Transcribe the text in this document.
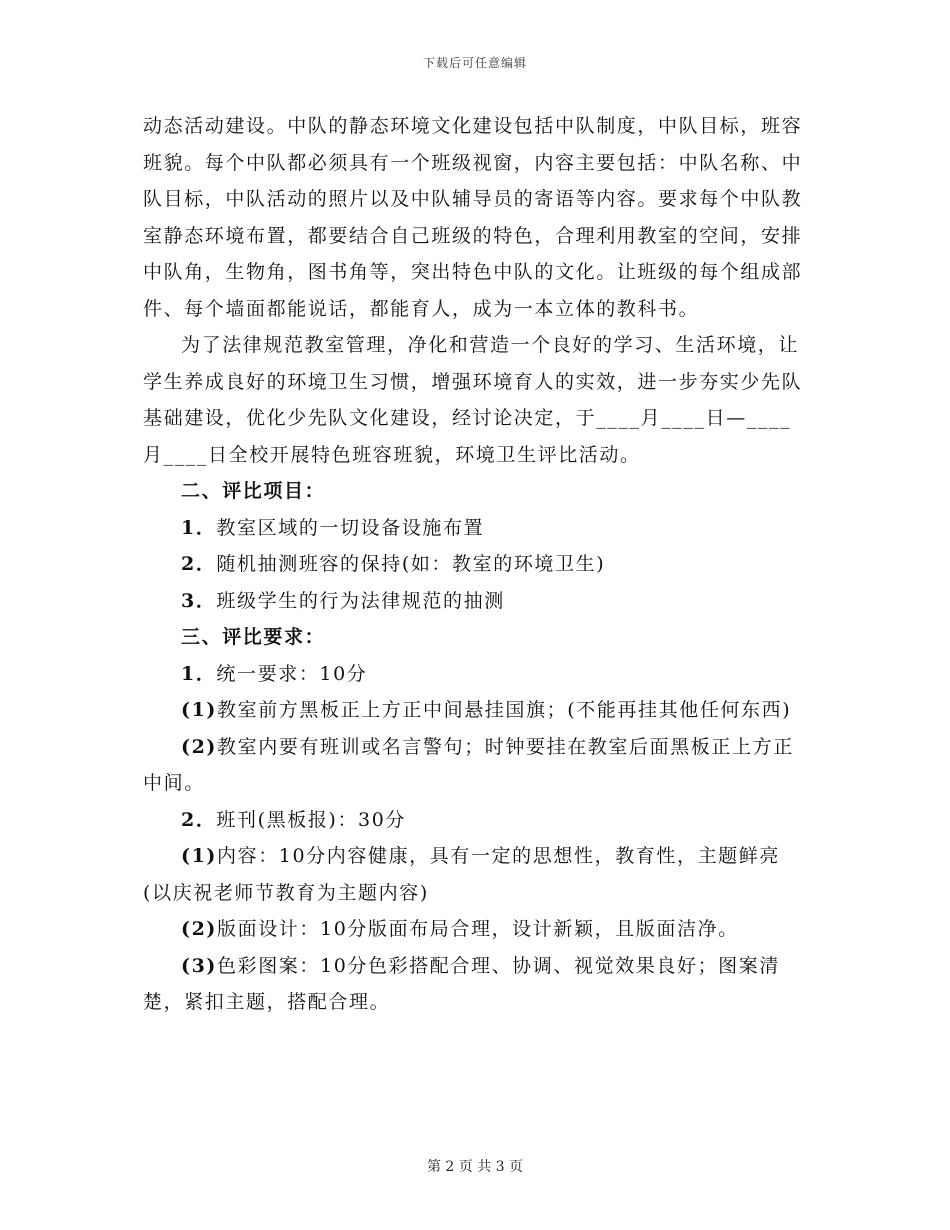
下载后可任意编辑

动态活动建设。中队的静态环境文化建设包括中队制度，中队目标，班容班貌。每个中队都必须具有一个班级视窗，内容主要包括：中队名称、中队目标，中队活动的照片以及中队辅导员的寄语等内容。要求每个中队教室静态环境布置，都要结合自己班级的特色，合理利用教室的空间，安排中队角，生物角，图书角等，突出特色中队的文化。让班级的每个组成部件、每个墙面都能说话，都能育人，成为一本立体的教科书。

为了法律规范教室管理，净化和营造一个良好的学习、生活环境，让学生养成良好的环境卫生习惯，增强环境育人的实效，进一步夯实少先队基础建设，优化少先队文化建设，经讨论决定，于____月____日—____月____日全校开展特色班容班貌，环境卫生评比活动。

二、评比项目：

1．教室区域的一切设备设施布置

2．随机抽测班容的保持(如：教室的环境卫生)

3．班级学生的行为法律规范的抽测

三、评比要求：

1．统一要求：10分

(1)教室前方黑板正上方正中间悬挂国旗；(不能再挂其他任何东西)

(2)教室内要有班训或名言警句；时钟要挂在教室后面黑板正上方正中间。

2．班刊(黑板报)：30分

(1)内容：10分内容健康，具有一定的思想性，教育性，主题鲜亮(以庆祝老师节教育为主题内容)

(2)版面设计：10分版面布局合理，设计新颖，且版面洁净。

(3)色彩图案：10分色彩搭配合理、协调、视觉效果良好；图案清楚，紧扣主题，搭配合理。

第 2 页 共 3 页
